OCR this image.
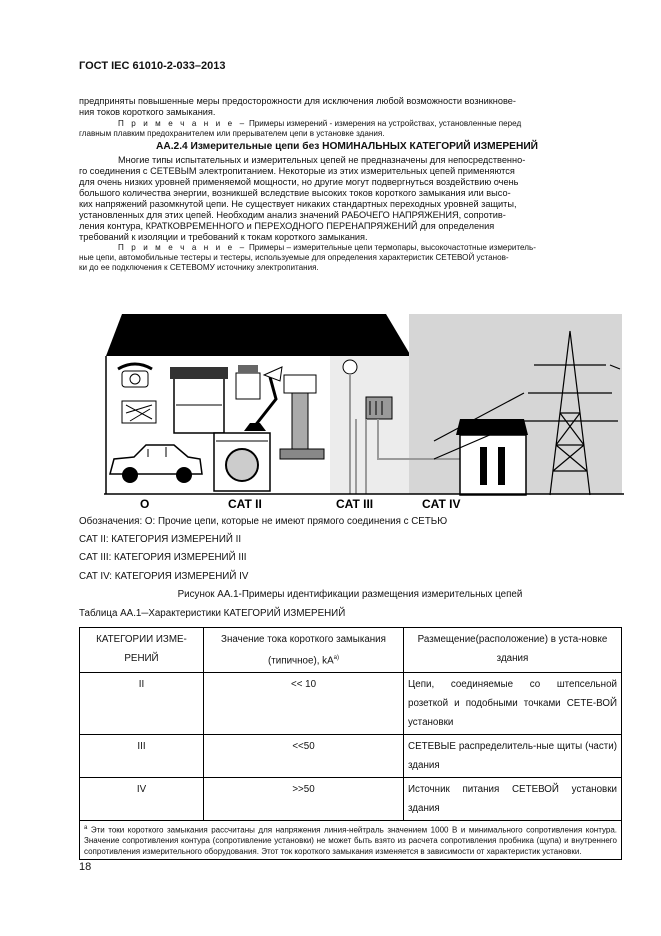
ГОСТ IEC 61010-2-033–2013
предприняты повышенные меры предосторожности для исключения любой возможности возникнове-
ния токов короткого замыкания.
П р и м е ч а н и е – Примеры измерений - измерения на устройствах, установленные перед
главным плавким предохранителем или прерывателем цепи в установке здания.
АА.2.4 Измерительные цепи без НОМИНАЛЬНЫХ КАТЕГОРИЙ ИЗМЕРЕНИЙ
Многие типы испытательных и измерительных цепей не предназначены для непосредственно-
го соединения с СЕТЕВЫМ электропитанием. Некоторые из этих измерительных цепей применяются
для очень низких уровней применяемой мощности, но другие могут подвергнуться воздействию очень
большого количества энергии, возникшей вследствие высоких токов короткого замыкания или высо-
ких напряжений разомкнутой цепи. Не существует никаких стандартных переходных уровней защиты,
установленных для этих цепей. Необходим анализ значений РАБОЧЕГО НАПРЯЖЕНИЯ, сопротив-
ления контура, КРАТКОВРЕМЕННОГО и ПЕРЕХОДНОГО ПЕРЕНАПРЯЖЕНИЙ для определения
требований к изоляции и требований к токам короткого замыкания.
П р и м е ч а н и е – Примеры – измерительные цепи термопары, высокочастотные измеритель-
ные цепи, автомобильные тестеры и тестеры, используемые для определения характеристик СЕТЕВОЙ установ-
ки до ее подключения к СЕТЕВОМУ источнику электропитания.
O	CAT II	CAT III	CAT IV
Обозначения: O: Прочие цепи, которые не имеют прямого соединения с СЕТЬЮ
CAT II: КАТЕГОРИЯ ИЗМЕРЕНИЙ II
CAT III: КАТЕГОРИЯ ИЗМЕРЕНИЙ III
CAT IV: КАТЕГОРИЯ ИЗМЕРЕНИЙ IV
Рисунок AA.1-Примеры идентификации размещения измерительных цепей
Таблица АА.1─Характеристики КАТЕГОРИЙ ИЗМЕРЕНИЙ
КАТЕГОРИИ ИЗМЕ-РЕНИЙ	Значение тока короткого замыкания (типичное), $kA^{a)}$	Размещение(расположение) в уста-новке здания
II	<< 10	Цепи, соединяемые со штепсельной розеткой и подобными точками СЕТЕ-ВОЙ установки
III	<<50	СЕТЕВЫЕ распределитель-ные щиты (части) здания
IV	>>50	Источник питания СЕТЕВОЙ установки здания
$^a$ Эти токи короткого замыкания рассчитаны для напряжения линия-нейтраль значением 1000 В и минимального сопротивления контура. Значение сопротивления контура (сопротивление установки) не может быть взято из расчета сопротивления пробника (щупа) и внутреннего сопротивления измерительного оборудования. Этот ток короткого замыкания изменяется в зависимости от характеристик установки.		
18
